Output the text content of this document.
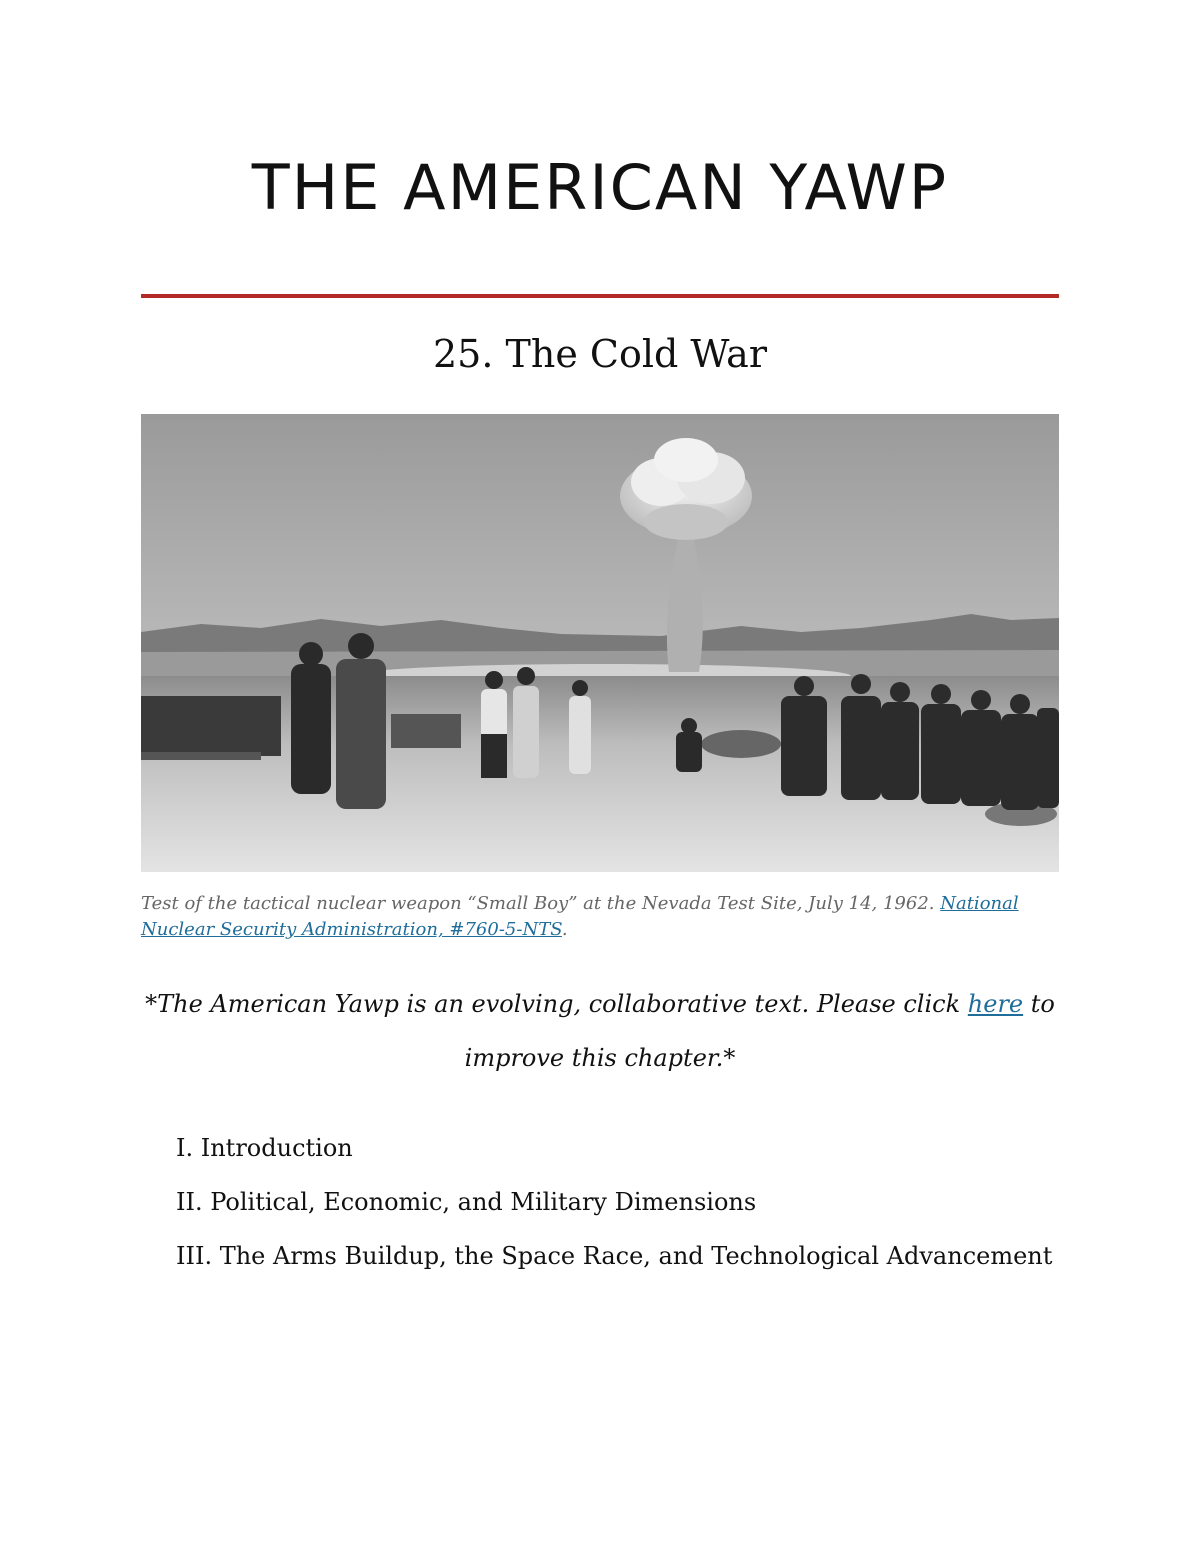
THE AMERICAN YAWP
25. The Cold War

Test of the tactical nuclear weapon “Small Boy” at the Nevada Test Site, July 14, 1962. National Nuclear Security Administration, #760-5-NTS.

*The American Yawp is an evolving, collaborative text. Please click here to improve this chapter.*

I. Introduction
II. Political, Economic, and Military Dimensions
III. The Arms Buildup, the Space Race, and Technological Advancement
